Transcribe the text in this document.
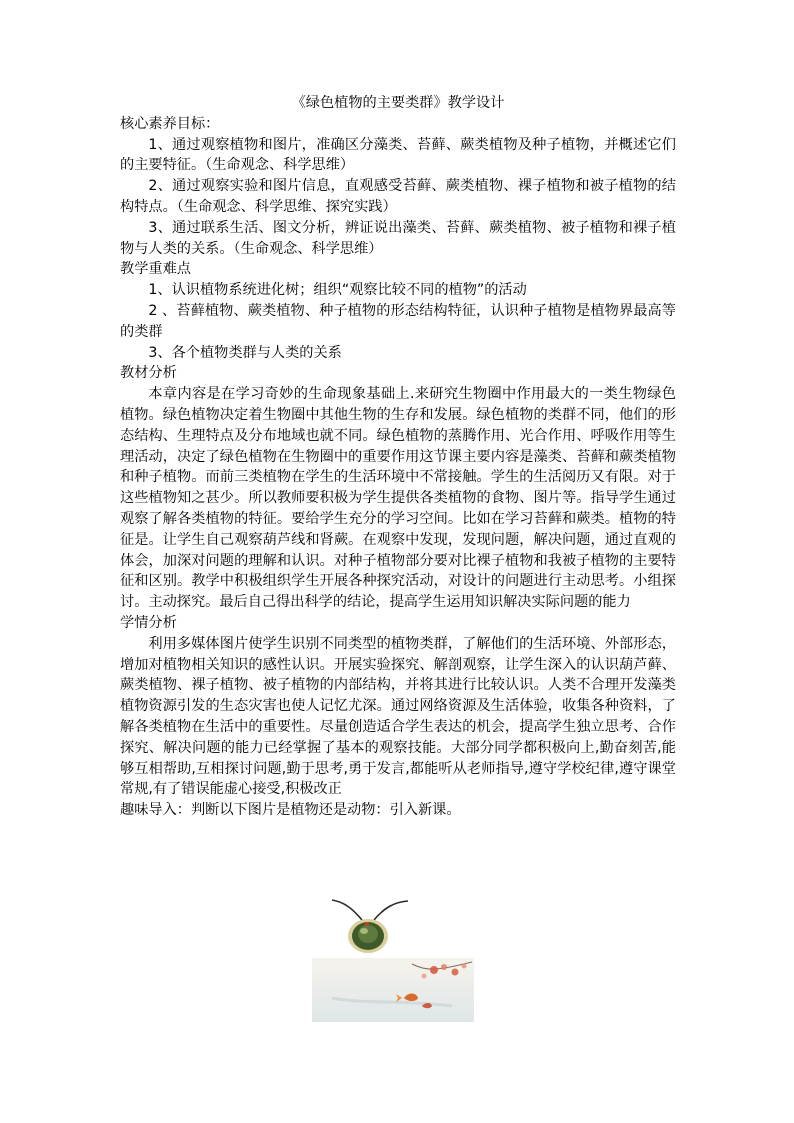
《绿色植物的主要类群》教学设计

核心素养目标：

1、通过观察植物和图片，准确区分藻类、苔藓、蕨类植物及种子植物，并概述它们的主要特征。（生命观念、科学思维）

2、通过观察实验和图片信息，直观感受苔藓、蕨类植物、裸子植物和被子植物的结构特点。（生命观念、科学思维、探究实践）

3、通过联系生活、图文分析，辨证说出藻类、苔藓、蕨类植物、被子植物和裸子植物与人类的关系。（生命观念、科学思维）

教学重难点

1、认识植物系统进化树；组织“观察比较不同的植物”的活动

2 、苔藓植物、蕨类植物、种子植物的形态结构特征，认识种子植物是植物界最高等的类群

3、各个植物类群与人类的关系

教材分析

本章内容是在学习奇妙的生命现象基础上.来研究生物圈中作用最大的一类生物绿色植物。绿色植物决定着生物圈中其他生物的生存和发展。绿色植物的类群不同，他们的形态结构、生理特点及分布地域也就不同。绿色植物的蒸腾作用、光合作用、呼吸作用等生理活动，决定了绿色植物在生物圈中的重要作用这节课主要内容是藻类、苔藓和蕨类植物和种子植物。而前三类植物在学生的生活环境中不常接触。学生的生活阅历又有限。对于这些植物知之甚少。所以教师要积极为学生提供各类植物的食物、图片等。指导学生通过观察了解各类植物的特征。要给学生充分的学习空间。比如在学习苔藓和蕨类。植物的特征是。让学生自己观察葫芦线和肾蕨。在观察中发现，发现问题，解决问题，通过直观的体会，加深对问题的理解和认识。对种子植物部分要对比裸子植物和我被子植物的主要特征和区别。教学中积极组织学生开展各种探究活动，对设计的问题进行主动思考。小组探讨。主动探究。最后自己得出科学的结论，提高学生运用知识解决实际问题的能力

学情分析

利用多媒体图片使学生识别不同类型的植物类群，了解他们的生活环境、外部形态，增加对植物相关知识的感性认识。开展实验探究、解剖观察，让学生深入的认识葫芦藓、蕨类植物、裸子植物、被子植物的内部结构，并将其进行比较认识。人类不合理开发藻类植物资源引发的生态灾害也使人记忆尤深。通过网络资源及生活体验，收集各种资料，了解各类植物在生活中的重要性。尽量创造适合学生表达的机会，提高学生独立思考、合作探究、解决问题的能力已经掌握了基本的观察技能。大部分同学都积极向上,勤奋刻苦,能够互相帮助,互相探讨问题,勤于思考,勇于发言,都能听从老师指导,遵守学校纪律,遵守课堂常规,有了错误能虚心接受,积极改正

趣味导入：判断以下图片是植物还是动物：引入新课。
